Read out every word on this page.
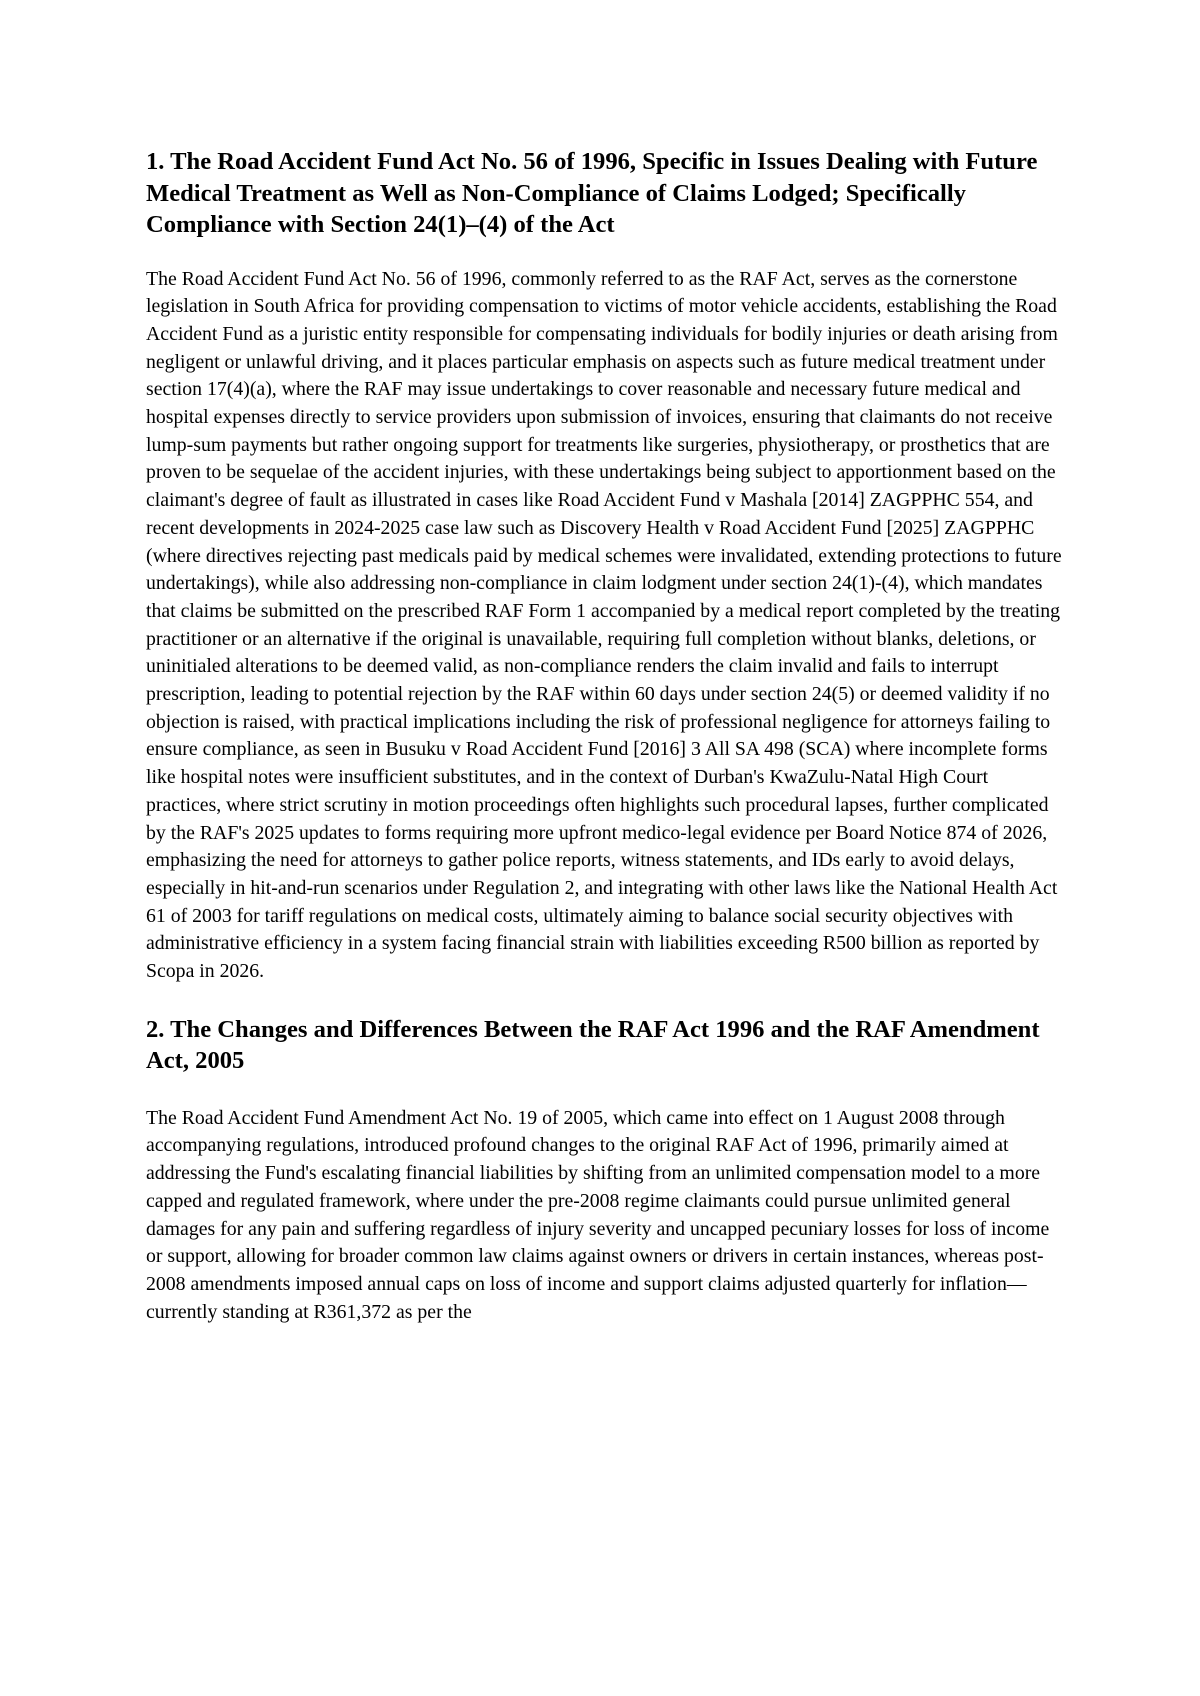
1. The Road Accident Fund Act No. 56 of 1996, Specific in Issues Dealing with Future Medical Treatment as Well as Non-Compliance of Claims Lodged; Specifically Compliance with Section 24(1)–(4) of the Act

The Road Accident Fund Act No. 56 of 1996, commonly referred to as the RAF Act, serves as the cornerstone legislation in South Africa for providing compensation to victims of motor vehicle accidents, establishing the Road Accident Fund as a juristic entity responsible for compensating individuals for bodily injuries or death arising from negligent or unlawful driving, and it places particular emphasis on aspects such as future medical treatment under section 17(4)(a), where the RAF may issue undertakings to cover reasonable and necessary future medical and hospital expenses directly to service providers upon submission of invoices, ensuring that claimants do not receive lump-sum payments but rather ongoing support for treatments like surgeries, physiotherapy, or prosthetics that are proven to be sequelae of the accident injuries, with these undertakings being subject to apportionment based on the claimant's degree of fault as illustrated in cases like Road Accident Fund v Mashala [2014] ZAGPPHC 554, and recent developments in 2024-2025 case law such as Discovery Health v Road Accident Fund [2025] ZAGPPHC (where directives rejecting past medicals paid by medical schemes were invalidated, extending protections to future undertakings), while also addressing non-compliance in claim lodgment under section 24(1)-(4), which mandates that claims be submitted on the prescribed RAF Form 1 accompanied by a medical report completed by the treating practitioner or an alternative if the original is unavailable, requiring full completion without blanks, deletions, or uninitialed alterations to be deemed valid, as non-compliance renders the claim invalid and fails to interrupt prescription, leading to potential rejection by the RAF within 60 days under section 24(5) or deemed validity if no objection is raised, with practical implications including the risk of professional negligence for attorneys failing to ensure compliance, as seen in Busuku v Road Accident Fund [2016] 3 All SA 498 (SCA) where incomplete forms like hospital notes were insufficient substitutes, and in the context of Durban's KwaZulu-Natal High Court practices, where strict scrutiny in motion proceedings often highlights such procedural lapses, further complicated by the RAF's 2025 updates to forms requiring more upfront medico-legal evidence per Board Notice 874 of 2026, emphasizing the need for attorneys to gather police reports, witness statements, and IDs early to avoid delays, especially in hit-and-run scenarios under Regulation 2, and integrating with other laws like the National Health Act 61 of 2003 for tariff regulations on medical costs, ultimately aiming to balance social security objectives with administrative efficiency in a system facing financial strain with liabilities exceeding R500 billion as reported by Scopa in 2026.

2. The Changes and Differences Between the RAF Act 1996 and the RAF Amendment Act, 2005

The Road Accident Fund Amendment Act No. 19 of 2005, which came into effect on 1 August 2008 through accompanying regulations, introduced profound changes to the original RAF Act of 1996, primarily aimed at addressing the Fund's escalating financial liabilities by shifting from an unlimited compensation model to a more capped and regulated framework, where under the pre-2008 regime claimants could pursue unlimited general damages for any pain and suffering regardless of injury severity and uncapped pecuniary losses for loss of income or support, allowing for broader common law claims against owners or drivers in certain instances, whereas post-2008 amendments imposed annual caps on loss of income and support claims adjusted quarterly for inflation—currently standing at R361,372 as per the
